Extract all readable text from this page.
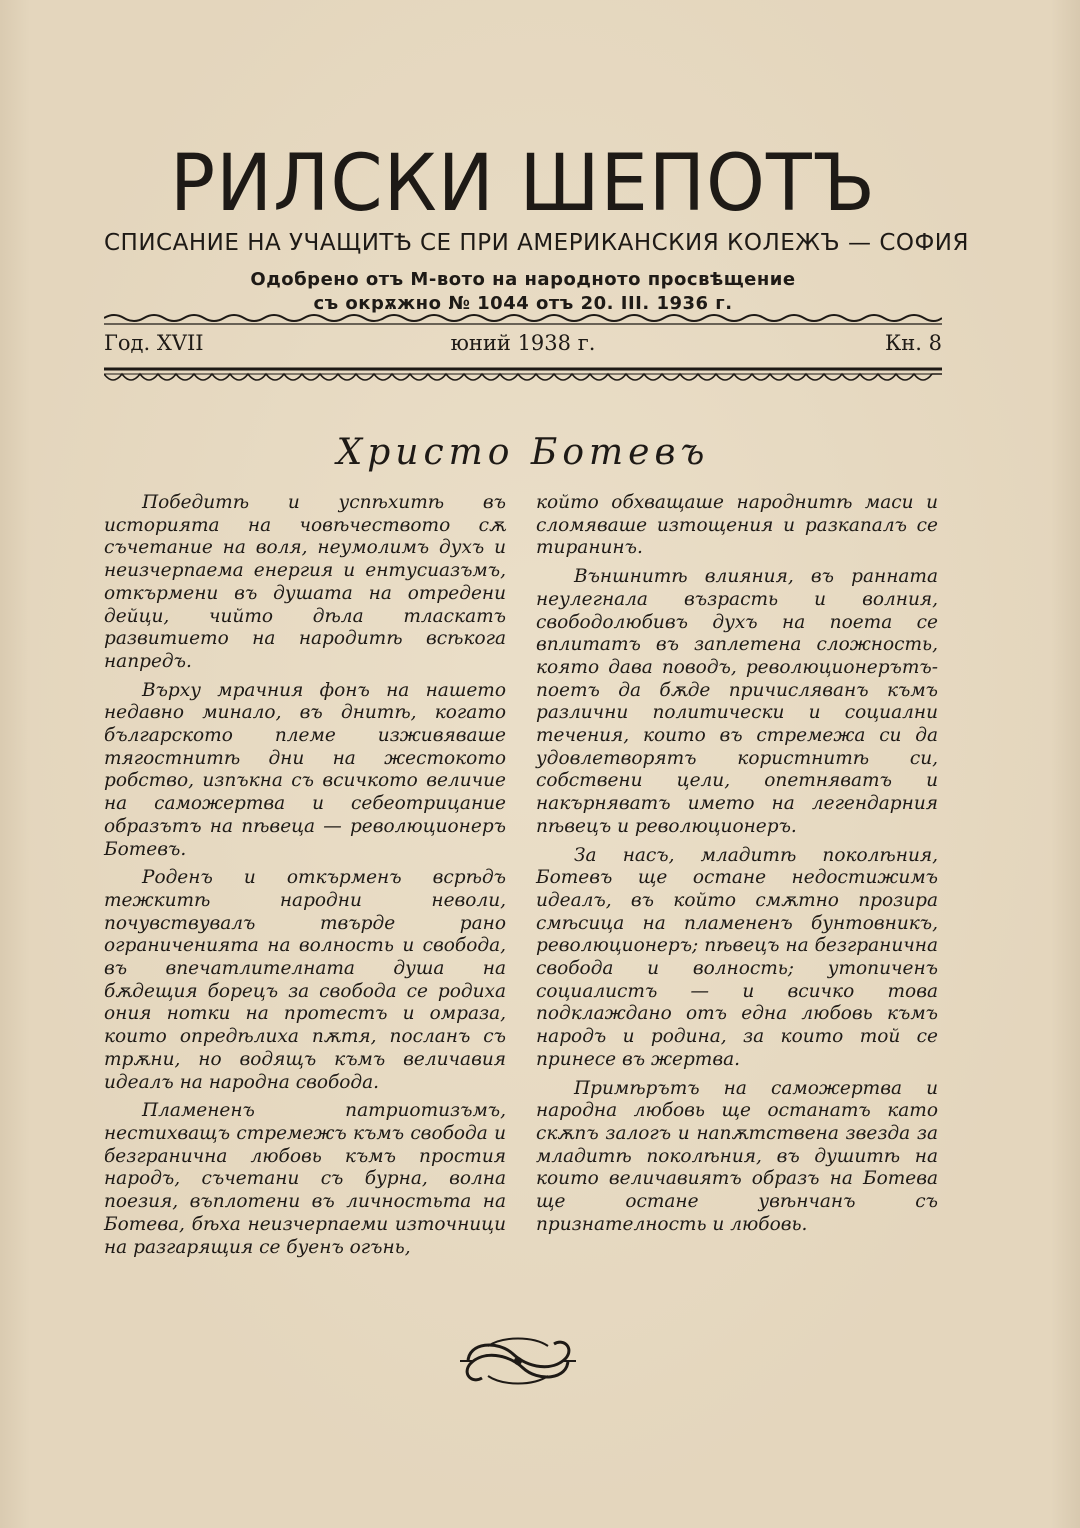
РИЛСКИ ШЕПОТЪ
СПИСАНИЕ НА УЧАЩИТѢ СЕ ПРИ АМЕРИКАНСКИЯ КОЛЕЖЪ — СОФИЯ
Одобрено отъ М-вото на народното просвѣщение
съ окрѫжно № 1044 отъ 20. III. 1936 г.
Год. XVII	юний 1938 г.	Кн. 8
Христо Ботевъ

Победитѣ и успѣхитѣ въ историята на човѣчеството сѫ съчетание на воля, неумолимъ духъ и неизчерпаема енергия и ентусиазъмъ, откърмени въ душата на отредени дейци, чийто дѣла тласкатъ развитието на народитѣ всѣкога напредъ.

Върху мрачния фонъ на нашето недавно минало, въ днитѣ, когато българското племе изживяваше тягостнитѣ дни на жестокото робство, изпъкна съ всичкото величие на саможертва и себеотрицание образътъ на пѣвеца — революционеръ Ботевъ.

Роденъ и откърменъ всрѣдъ тежкитѣ народни неволи, почувствувалъ твърде рано ограниченията на волность и свобода, въ впечатлителната душа на бѫдещия борецъ за свобода се родиха ония нотки на протестъ и омраза, които опредѣлиха пѫтя, посланъ съ трѫни, но водящъ къмъ величавия идеалъ на народна свобода.

Пламененъ патриотизъмъ, нестихващъ стремежъ къмъ свобода и безгранична любовь къмъ простия народъ, съчетани съ бурна, волна поезия, въплотени въ личностьта на Ботева, бѣха неизчерпаеми източници на разгарящия се буенъ огънь,

който обхващаше народнитѣ маси и сломяваше изтощения и разкапалъ се тиранинъ.

Външнитѣ влияния, въ ранната неулегнала възрасть и волния, свободолюбивъ духъ на поета се вплитатъ въ заплетена сложность, която дава поводъ, революционерътъ-поетъ да бѫде причисляванъ къмъ различни политически и социални течения, които въ стремежа си да удовлетворятъ користнитѣ си, собствени цели, опетняватъ и накърняватъ името на легендарния пѣвецъ и революционеръ.

За насъ, младитѣ поколѣния, Ботевъ ще остане недостижимъ идеалъ, въ който смѫтно прозира смѣсица на пламененъ бунтовникъ, революционеръ; пѣвецъ на безгранична свобода и волность; утопиченъ социалистъ — и всичко това подклаждано отъ една любовь къмъ народъ и родина, за които той се принесе въ жертва.

Примѣрътъ на саможертва и народна любовь ще останатъ като скѫпъ залогъ и напѫтствена звезда за младитѣ поколѣния, въ душитѣ на които величавиятъ образъ на Ботева ще остане увѣнчанъ съ признателность и любовь.
